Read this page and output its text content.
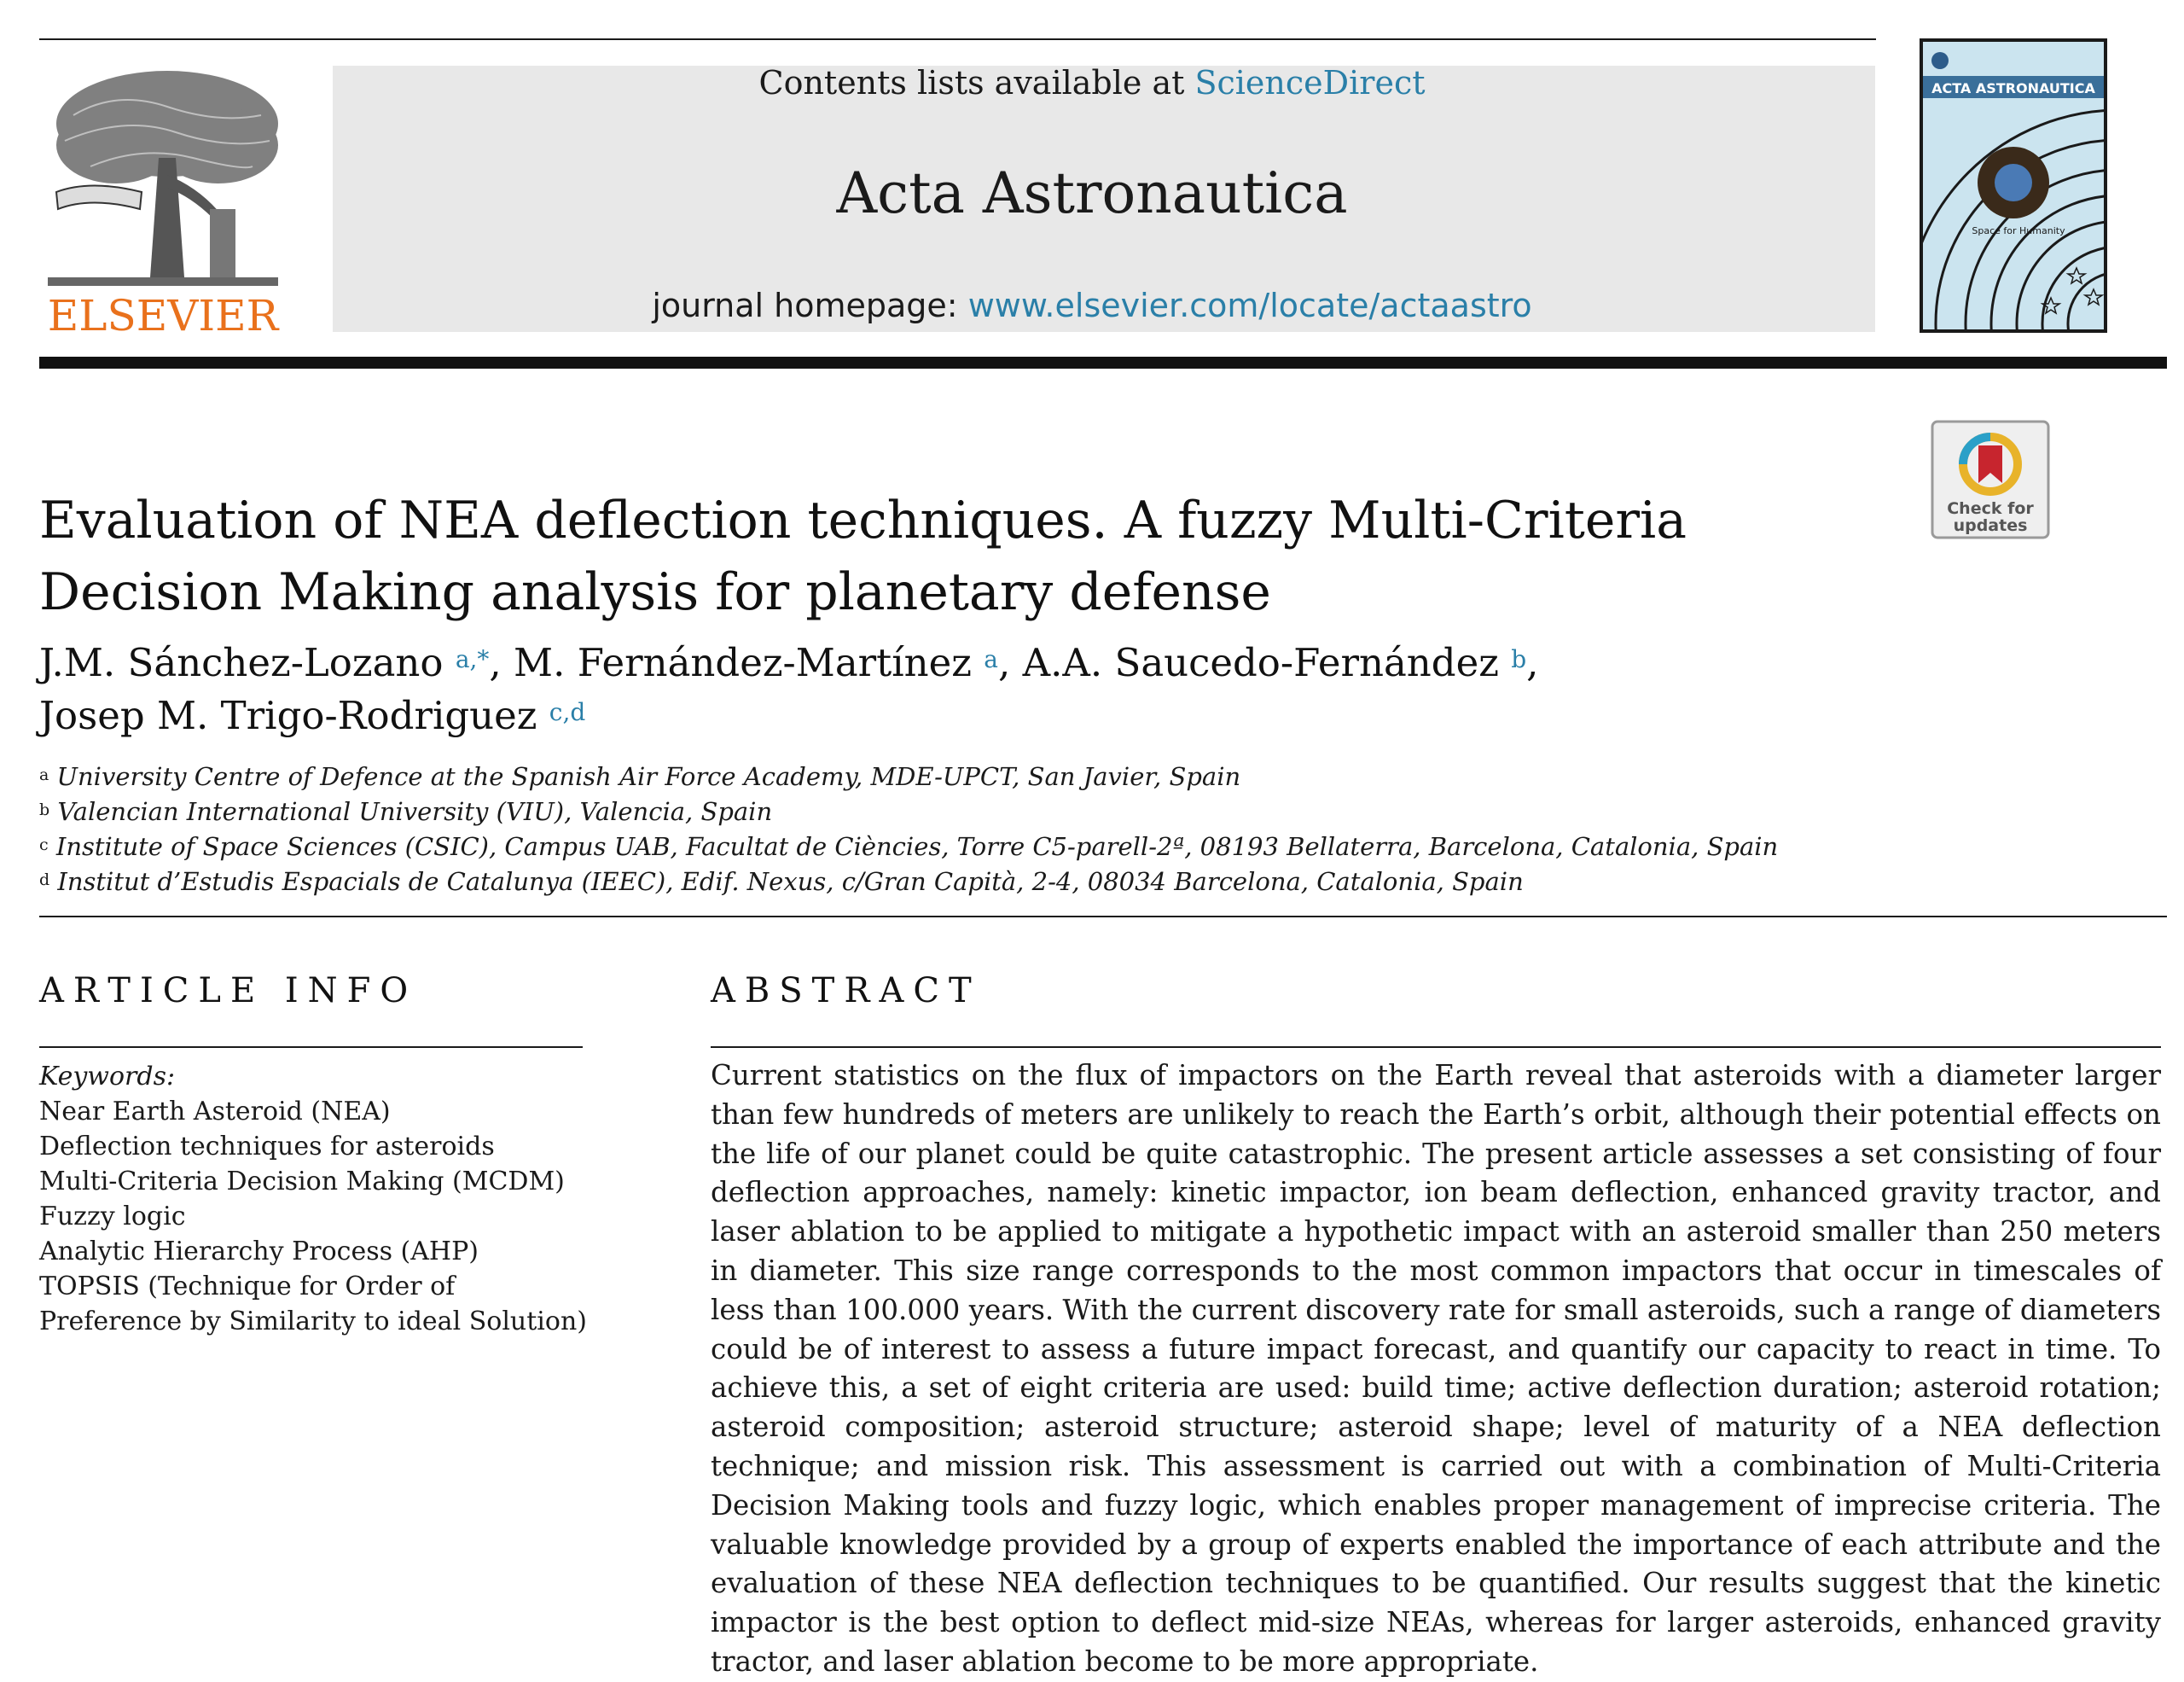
ELSEVIER
Contents lists available at ScienceDirect
Acta Astronautica
journal homepage: www.elsevier.com/locate/actaastro
ACTA ASTRONAUTICA
Space for Humanity
Check for
updates
Evaluation of NEA deflection techniques. A fuzzy Multi-Criteria Decision Making analysis for planetary defense
J.M. Sánchez-Lozano $^{a,*}$, M. Fernández-Martínez $^a$, A.A. Saucedo-Fernández $^b$,
Josep M. Trigo-Rodriguez $^{c,d}$
$^a$ University Centre of Defence at the Spanish Air Force Academy, MDE-UPCT, San Javier, Spain
$^b$ Valencian International University (VIU), Valencia, Spain
$^c$ Institute of Space Sciences (CSIC), Campus UAB, Facultat de Ciències, Torre C5-parell-2ª, 08193 Bellaterra, Barcelona, Catalonia, Spain
$^d$ Institut d’Estudis Espacials de Catalunya (IEEC), Edif. Nexus, c/Gran Capità, 2-4, 08034 Barcelona, Catalonia, Spain
ARTICLE INFO
Keywords:
Near Earth Asteroid (NEA)
Deflection techniques for asteroids
Multi-Criteria Decision Making (MCDM)
Fuzzy logic
Analytic Hierarchy Process (AHP)
TOPSIS (Technique for Order of Preference by Similarity to ideal Solution)
ABSTRACT
Current statistics on the flux of impactors on the Earth reveal that asteroids with a diameter larger than few hundreds of meters are unlikely to reach the Earth’s orbit, although their potential effects on the life of our planet could be quite catastrophic. The present article assesses a set consisting of four deflection approaches, namely: kinetic impactor, ion beam deflection, enhanced gravity tractor, and laser ablation to be applied to mitigate a hypothetic impact with an asteroid smaller than 250 meters in diameter. This size range corresponds to the most common impactors that occur in timescales of less than 100.000 years. With the current discovery rate for small asteroids, such a range of diameters could be of interest to assess a future impact forecast, and quantify our capacity to react in time. To achieve this, a set of eight criteria are used: build time; active deflection duration; asteroid rotation; asteroid composition; asteroid structure; asteroid shape; level of maturity of a NEA deflection technique; and mission risk. This assessment is carried out with a combination of Multi-Criteria Decision Making tools and fuzzy logic, which enables proper management of imprecise criteria. The valuable knowledge provided by a group of experts enabled the importance of each attribute and the evaluation of these NEA deflection techniques to be quantified. Our results suggest that the kinetic impactor is the best option to deflect mid-size NEAs, whereas for larger asteroids, enhanced gravity tractor, and laser ablation become to be more appropriate.
